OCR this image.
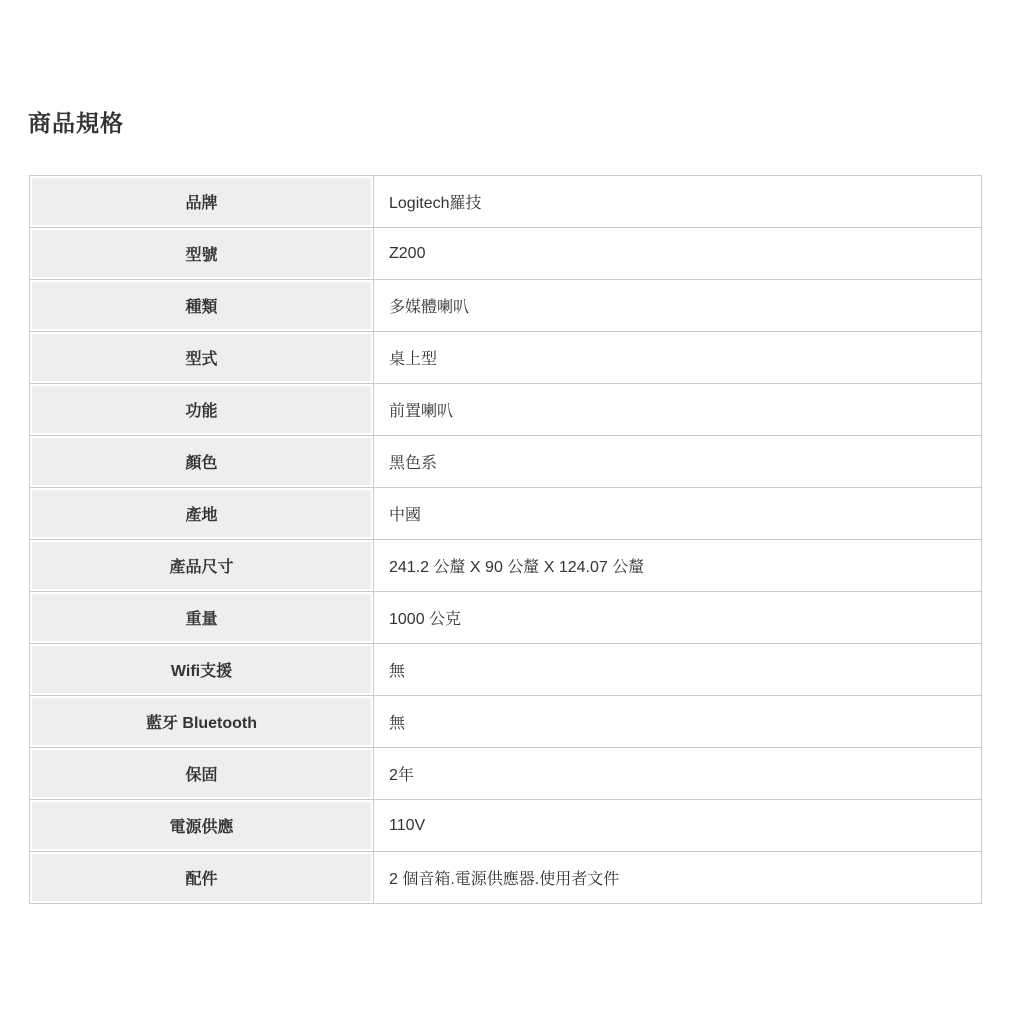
商品規格
品牌	Logitech羅技
型號	Z200
種類	多媒體喇叭
型式	桌上型
功能	前置喇叭
顏色	黑色系
產地	中國
產品尺寸	241.2 公釐 X 90 公釐 X 124.07 公釐
重量	1000 公克
Wifi支援	無
藍牙 Bluetooth	無
保固	2年
電源供應	110V
配件	2 個音箱.電源供應器.使用者文件
